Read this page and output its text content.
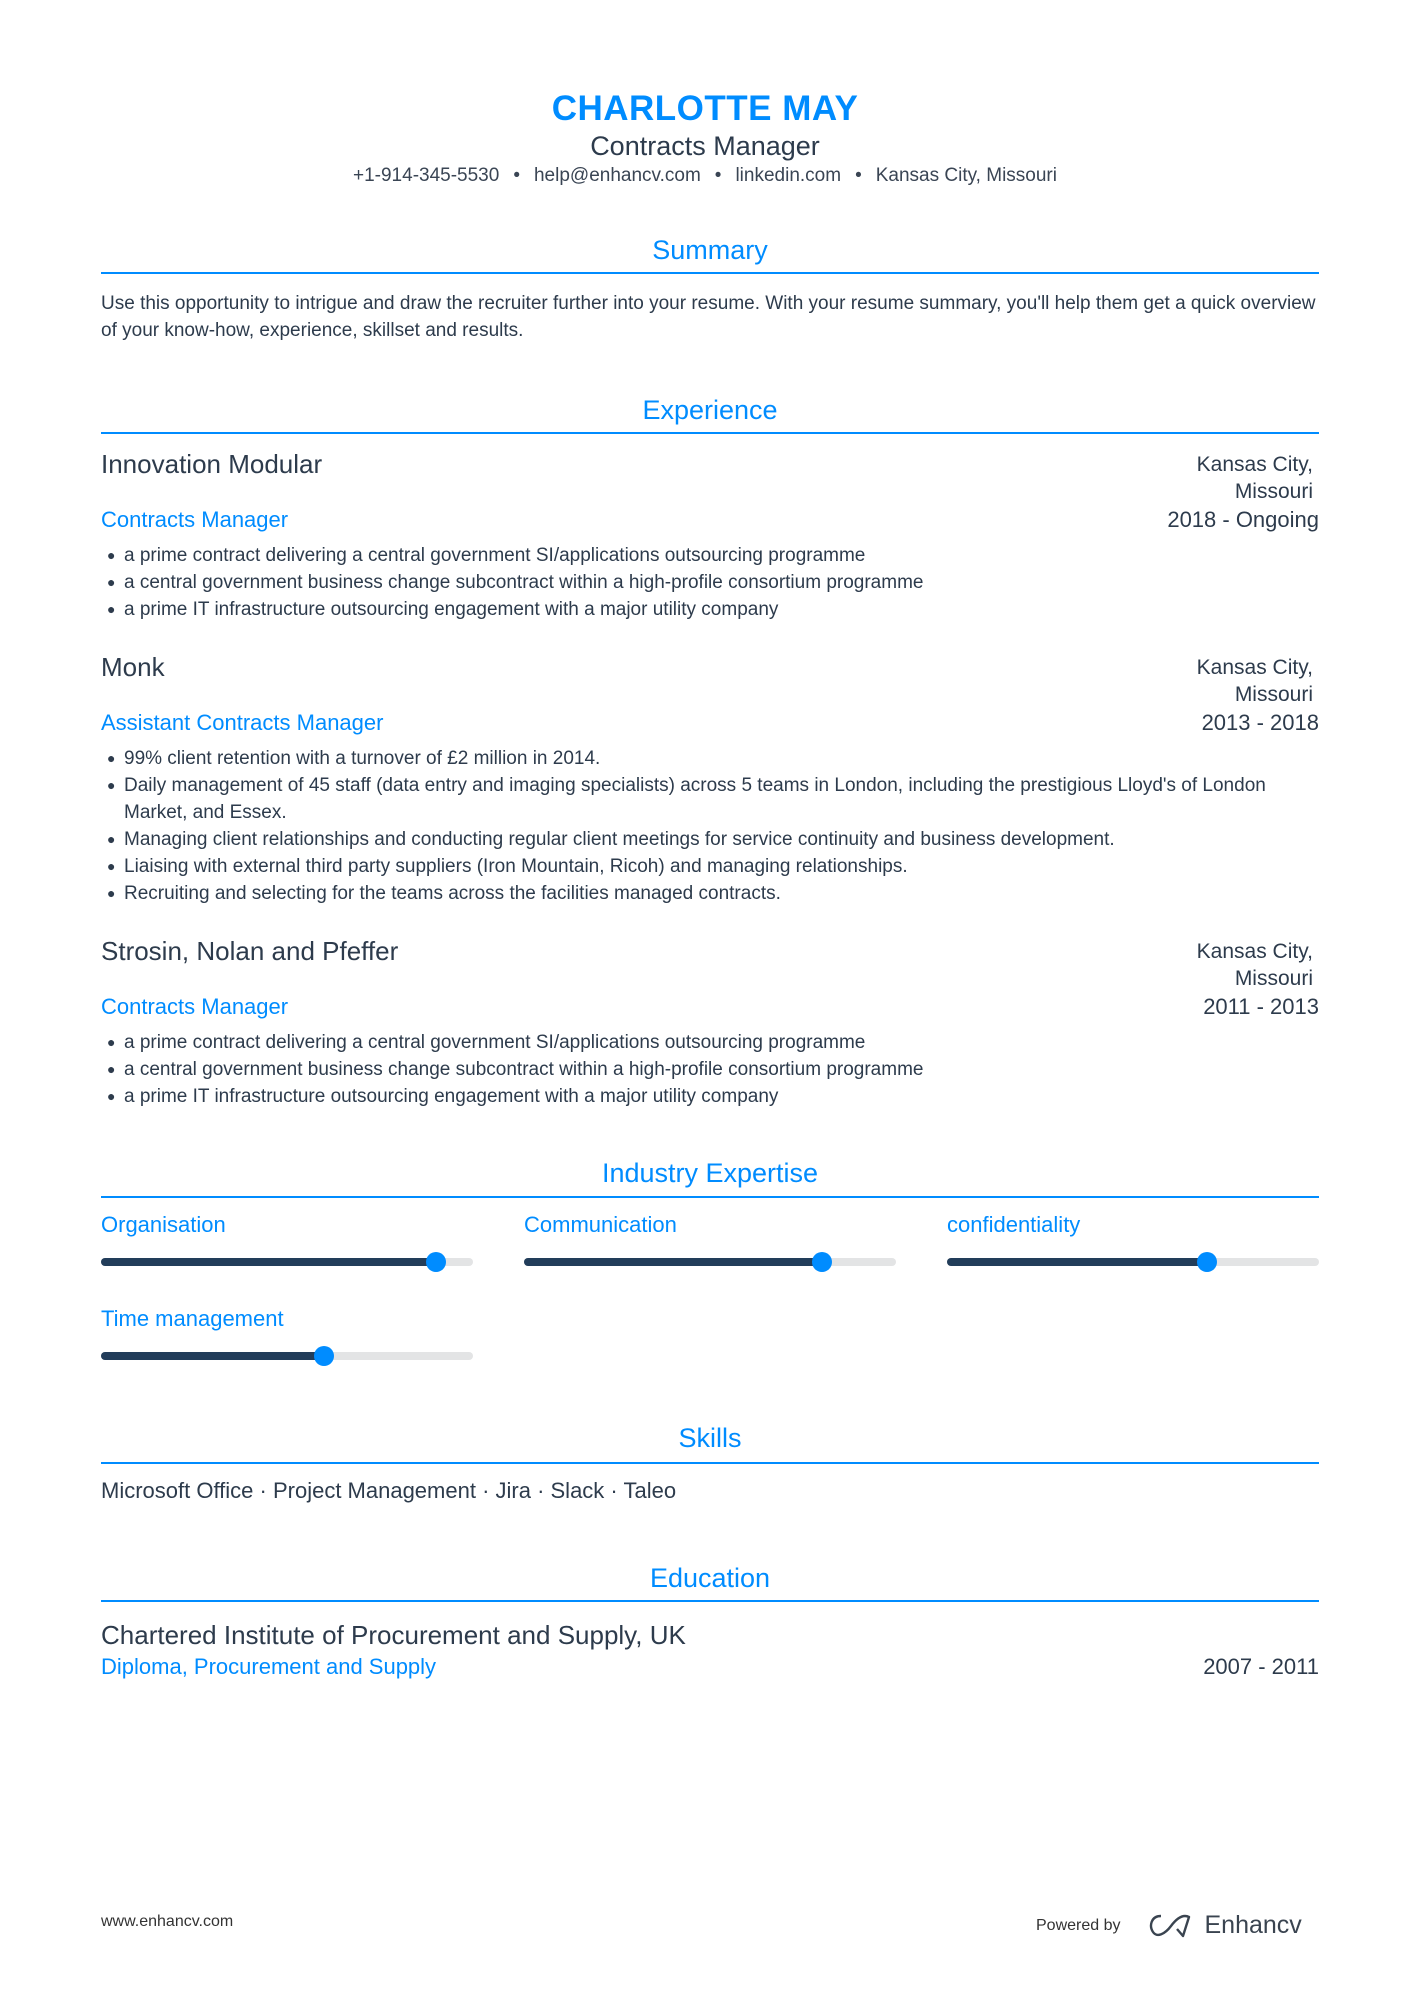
CHARLOTTE MAY
Contracts Manager
+1-914-345-5530 • help@enhancv.com • linkedin.com • Kansas City, Missouri
Summary
Use this opportunity to intrigue and draw the recruiter further into your resume. With your resume summary, you'll help them get a quick overview of your know-how, experience, skillset and results.
Experience
Innovation Modular	Kansas City, Missouri
Contracts Manager	2018 - Ongoing
● a prime contract delivering a central government SI/applications outsourcing programme
● a central government business change subcontract within a high-profile consortium programme
● a prime IT infrastructure outsourcing engagement with a major utility company
Monk	Kansas City, Missouri
Assistant Contracts Manager	2013 - 2018
● 99% client retention with a turnover of £2 million in 2014.
● Daily management of 45 staff (data entry and imaging specialists) across 5 teams in London, including the prestigious Lloyd's of London Market, and Essex.
● Managing client relationships and conducting regular client meetings for service continuity and business development.
● Liaising with external third party suppliers (Iron Mountain, Ricoh) and managing relationships.
● Recruiting and selecting for the teams across the facilities managed contracts.
Strosin, Nolan and Pfeffer	Kansas City, Missouri
Contracts Manager	2011 - 2013
● a prime contract delivering a central government SI/applications outsourcing programme
● a central government business change subcontract within a high-profile consortium programme
● a prime IT infrastructure outsourcing engagement with a major utility company
Industry Expertise
Organisation	Communication	confidentiality
Time management
Skills
Microsoft Office · Project Management · Jira · Slack · Taleo
Education
Chartered Institute of Procurement and Supply, UK
Diploma, Procurement and Supply	2007 - 2011
www.enhancv.com	Powered by	Enhancv
